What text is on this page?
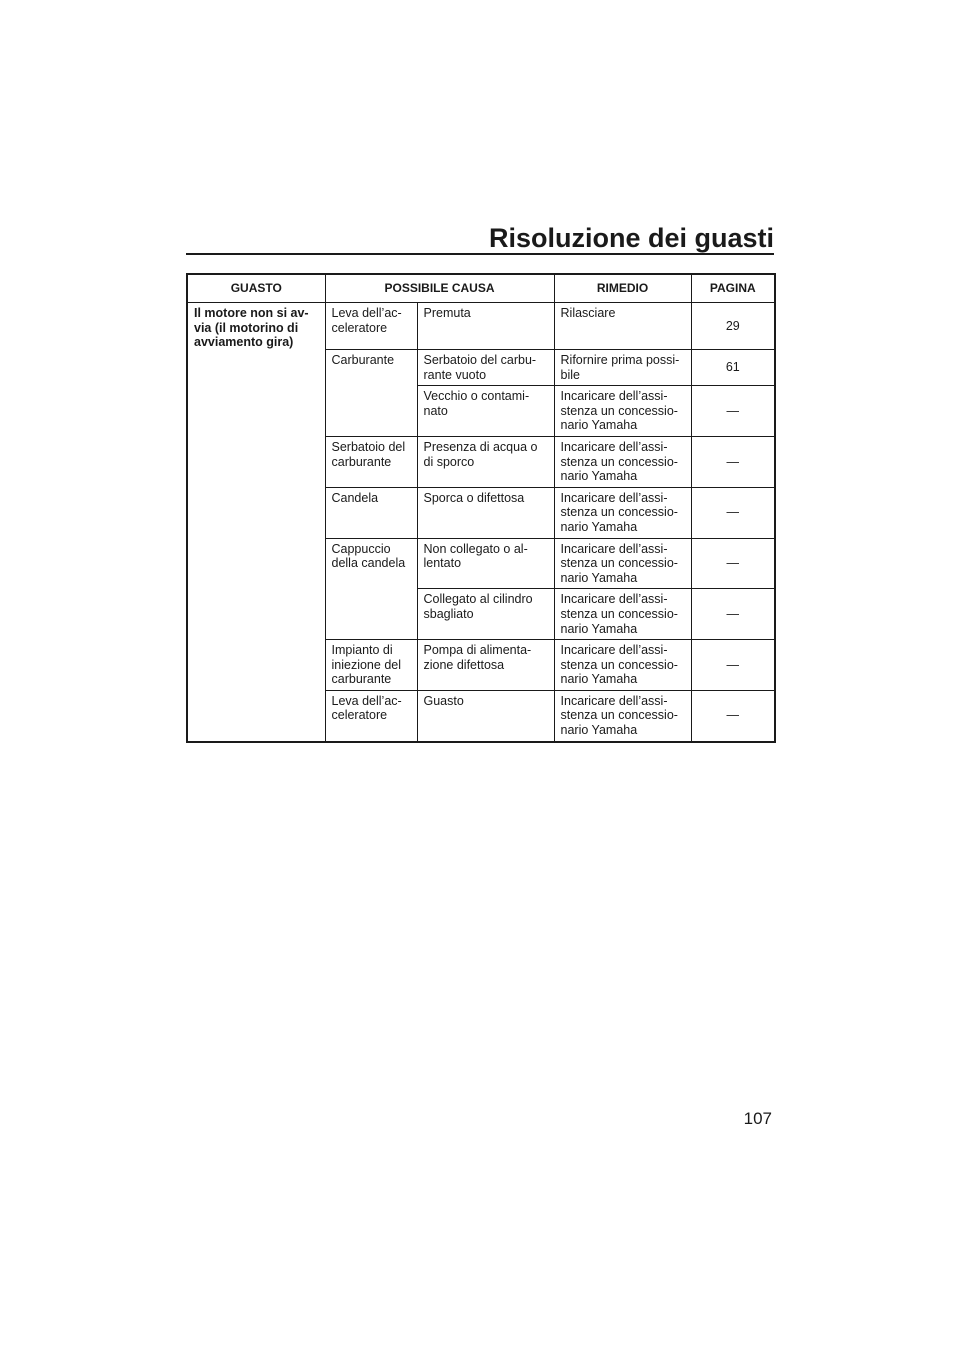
Risoluzione dei guasti
GUASTO	POSSIBILE CAUSA		RIMEDIO	PAGINA
Il motore non si av-
via (il motorino di
avviamento gira)	Leva dell’ac-
celeratore	Premuta	Rilasciare	29
	Carburante	Serbatoio del carbu-
rante vuoto	Rifornire prima possi-
bile	61
		Vecchio o contami-
nato	Incaricare dell’assi-
stenza un concessio-
nario Yamaha	—
	Serbatoio del
carburante	Presenza di acqua o
di sporco	Incaricare dell’assi-
stenza un concessio-
nario Yamaha	—
	Candela	Sporca o difettosa	Incaricare dell’assi-
stenza un concessio-
nario Yamaha	—
	Cappuccio
della candela	Non collegato o al-
lentato	Incaricare dell’assi-
stenza un concessio-
nario Yamaha	—
		Collegato al cilindro
sbagliato	Incaricare dell’assi-
stenza un concessio-
nario Yamaha	—
	Impianto di
iniezione del
carburante	Pompa di alimenta-
zione difettosa	Incaricare dell’assi-
stenza un concessio-
nario Yamaha	—
	Leva dell’ac-
celeratore	Guasto	Incaricare dell’assi-
stenza un concessio-
nario Yamaha	—
107
